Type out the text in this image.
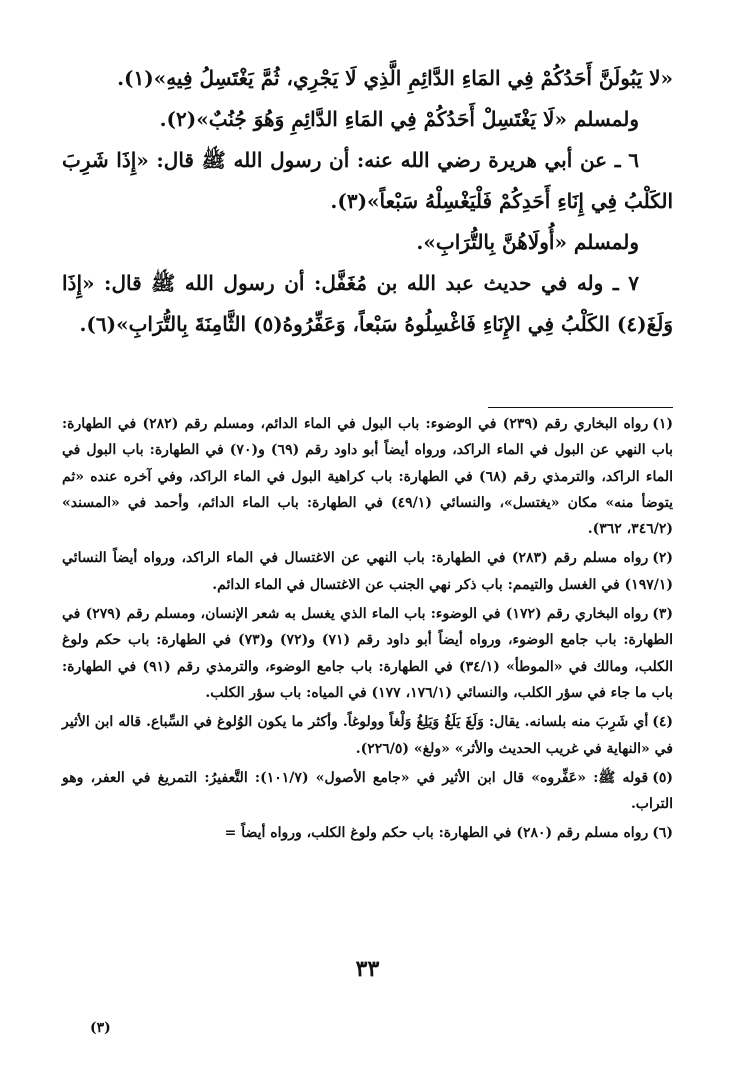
«لا يَبُولَنَّ أَحَدُكُمْ فِي المَاءِ الدَّائِمِ الَّذِي لَا يَجْرِي، ثُمَّ يَغْتَسِلُ فِيهِ»(١).

ولمسلم «لَا يَغْتَسِلْ أَحَدُكُمْ فِي المَاءِ الدَّائِمِ وَهُوَ جُنُبٌ»(٢).

٦ ـ عن أبي هريرة رضي الله عنه: أن رسول الله ﷺ قال: «إِذَا شَرِبَ الكَلْبُ فِي إِنَاءِ أَحَدِكُمْ فَلْيَغْسِلْهُ سَبْعاً»(٣).

ولمسلم «أُولَاهُنَّ بِالتُّرَابِ».

٧ ـ وله في حديث عبد الله بن مُغَفَّل: أن رسول الله ﷺ قال: «إِذَا وَلَغَ(٤) الكَلْبُ فِي الإِنَاءِ فَاغْسِلُوهُ سَبْعاً، وَعَفِّرُوهُ(٥) الثَّامِنَةَ بِالتُّرَابِ»(٦).

(١)رواه البخاري رقم (٢٣٩) في الوضوء: باب البول في الماء الدائم، ومسلم رقم (٢٨٢) في الطهارة: باب النهي عن البول في الماء الراكد، ورواه أيضاً أبو داود رقم (٦٩) و(٧٠) في الطهارة: باب البول في الماء الراكد، والترمذي رقم (٦٨) في الطهارة: باب كراهية البول في الماء الراكد، وفي آخره عنده «ثم يتوضأ منه» مكان «يغتسل»، والنسائي (٤٩/١) في الطهارة: باب الماء الدائم، وأحمد في «المسند» (٣٤٦/٢، ٣٦٢).

(٢)رواه مسلم رقم (٢٨٣) في الطهارة: باب النهي عن الاغتسال في الماء الراكد، ورواه أيضاً النسائي (١٩٧/١) في الغسل والتيمم: باب ذكر نهي الجنب عن الاغتسال في الماء الدائم.

(٣)رواه البخاري رقم (١٧٢) في الوضوء: باب الماء الذي يغسل به شعر الإنسان، ومسلم رقم (٢٧٩) في الطهارة: باب جامع الوضوء، ورواه أيضاً أبو داود رقم (٧١) و(٧٢) و(٧٣) في الطهارة: باب حكم ولوغ الكلب، ومالك في «الموطأ» (٣٤/١) في الطهارة: باب جامع الوضوء، والترمذي رقم (٩١) في الطهارة: باب ما جاء في سؤر الكلب، والنسائي (١٧٦/١، ١٧٧) في المياه: باب سؤر الكلب.

(٤)أي شَرِبَ منه بلسانه. يقال: وَلَغَ يَلَغُ وَيَلِغُ وَلْغاً وولوغاً. وأكثر ما يكون الوُلوغ في السِّباع. قاله ابن الأثير في «النهاية في غريب الحديث والأثر» «ولغ» (٢٢٦/٥).

(٥)قوله ﷺ: «عَفِّروه» قال ابن الأثير في «جامع الأصول» (١٠١/٧): التَّعفيرُ: التمريغ في العفر، وهو التراب.

(٦)رواه مسلم رقم (٢٨٠) في الطهارة: باب حكم ولوغ الكلب، ورواه أيضاً =

٣٣
(٣)
